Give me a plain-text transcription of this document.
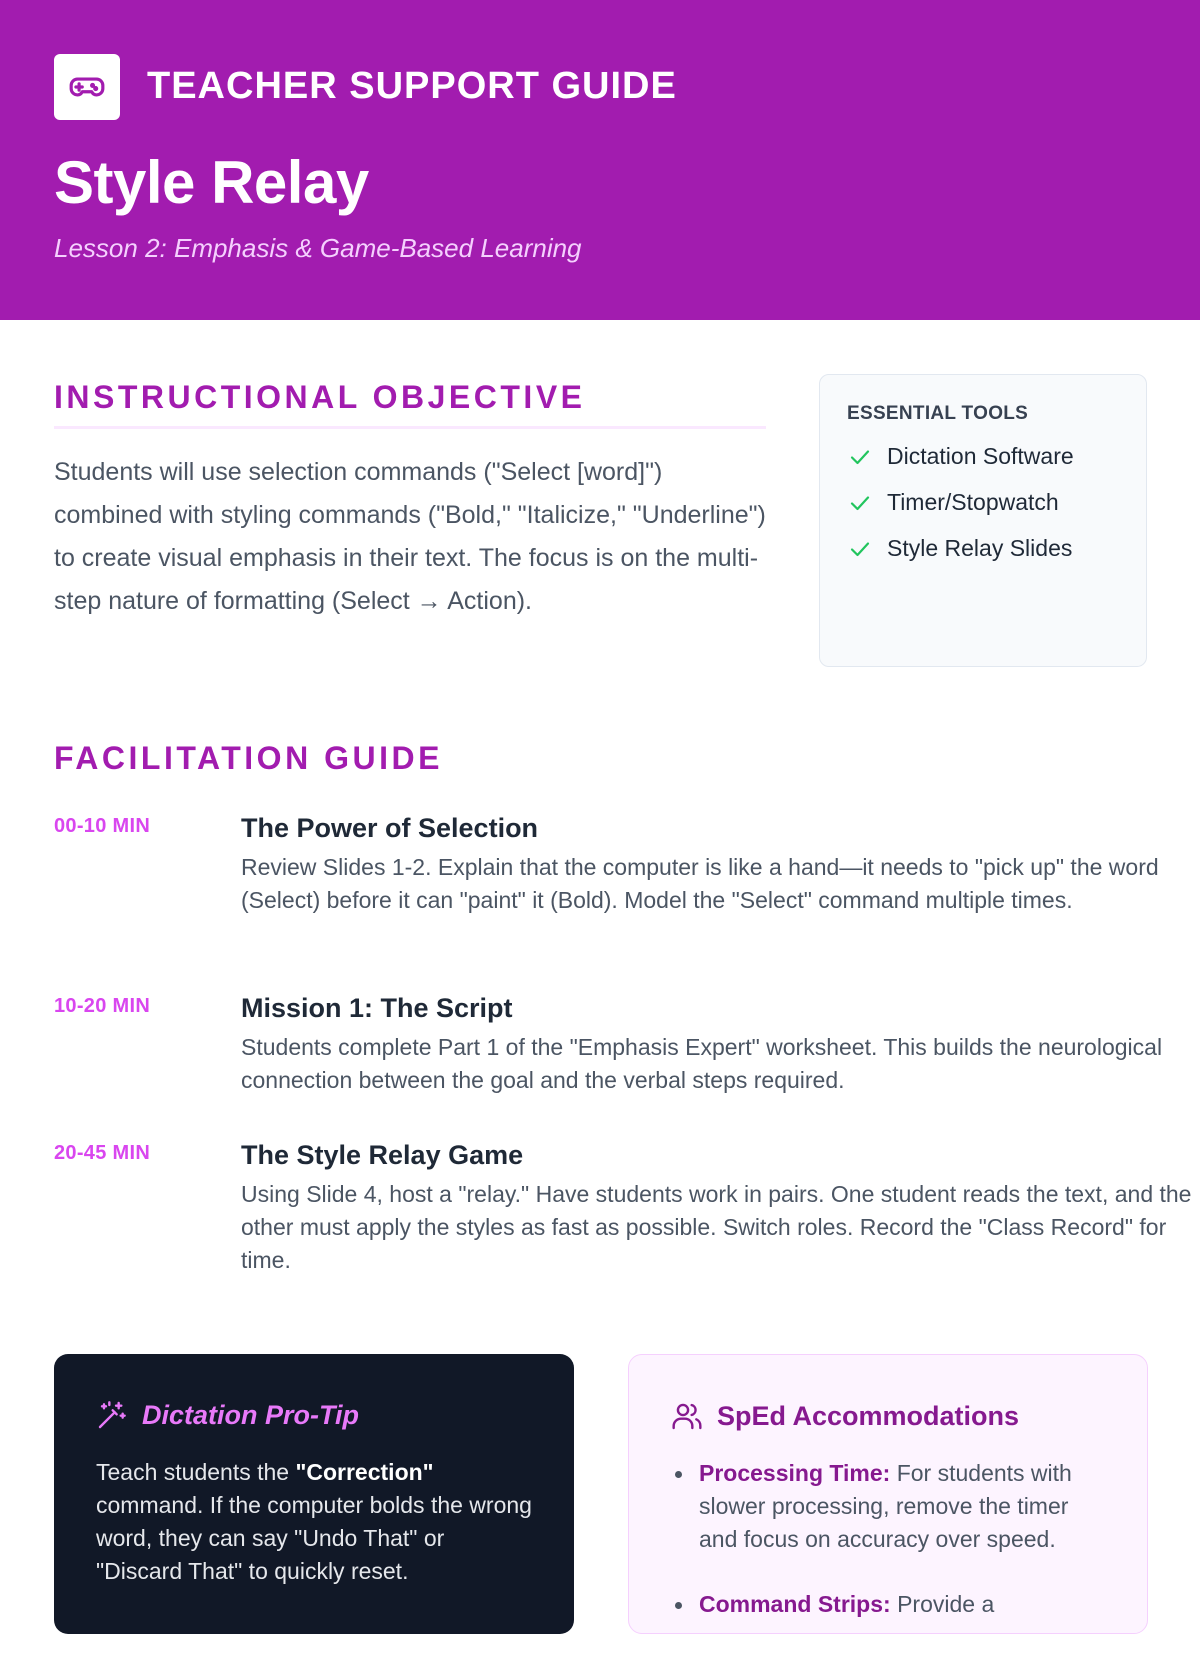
TEACHER SUPPORT GUIDE
Style Relay
Lesson 2: Emphasis & Game-Based Learning
INSTRUCTIONAL OBJECTIVE
Students will use selection commands ("Select [word]") combined with styling commands ("Bold," "Italicize," "Underline") to create visual emphasis in their text. The focus is on the multi-step nature of formatting (Select → Action).
ESSENTIAL TOOLS
Dictation Software
Timer/Stopwatch
Style Relay Slides
FACILITATION GUIDE
00-10 MIN	The Power of Selection
Review Slides 1-2. Explain that the computer is like a hand—it needs to "pick up" the word (Select) before it can "paint" it (Bold). Model the "Select" command multiple times.
10-20 MIN	Mission 1: The Script
Students complete Part 1 of the "Emphasis Expert" worksheet. This builds the neurological connection between the goal and the verbal steps required.
20-45 MIN	The Style Relay Game
Using Slide 4, host a "relay." Have students work in pairs. One student reads the text, and the other must apply the styles as fast as possible. Switch roles. Record the "Class Record" for time.
Dictation Pro-Tip
Teach students the "Correction" command. If the computer bolds the wrong word, they can say "Undo That" or "Discard That" to quickly reset.
SpEd Accommodations
Processing Time: For students with slower processing, remove the timer and focus on accuracy over speed.
Command Strips: Provide a
